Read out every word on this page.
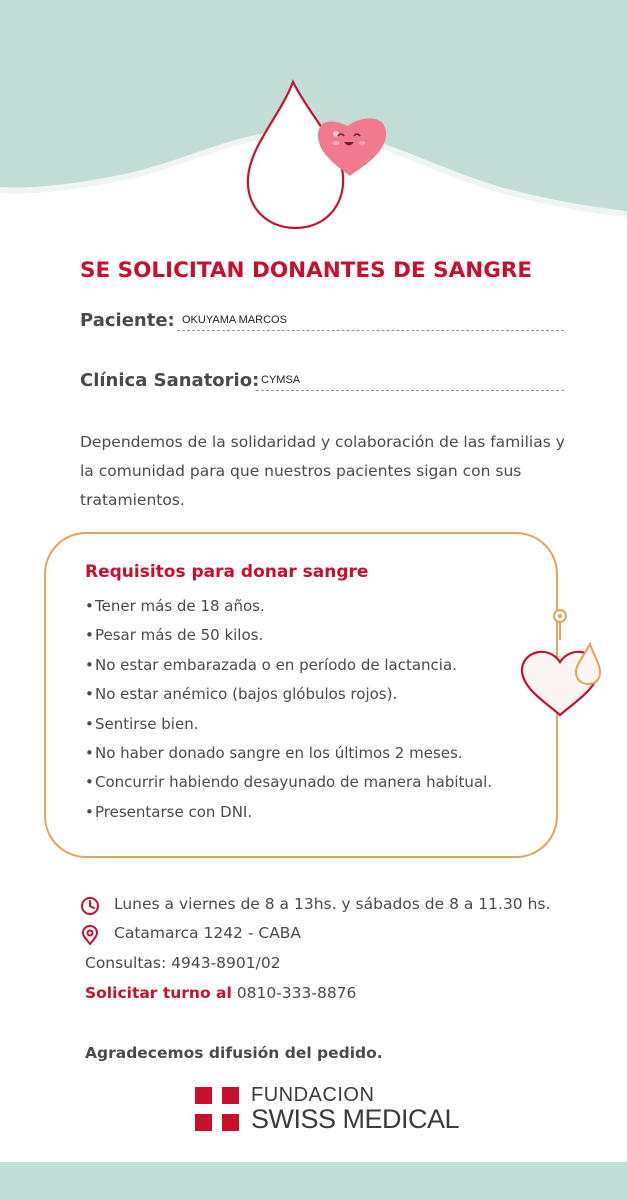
SE SOLICITAN DONANTES DE SANGRE
Paciente: OKUYAMA MARCOS
Clínica Sanatorio: CYMSA
Dependemos de la solidaridad y colaboración de las familias y la comunidad para que nuestros pacientes sigan con sus tratamientos.
Requisitos para donar sangre
•Tener más de 18 años.
•Pesar más de 50 kilos.
•No estar embarazada o en período de lactancia.
•No estar anémico (bajos glóbulos rojos).
•Sentirse bien.
•No haber donado sangre en los últimos 2 meses.
•Concurrir habiendo desayunado de manera habitual.
•Presentarse con DNI.
Lunes a viernes de 8 a 13hs. y sábados de 8 a 11.30 hs.
Catamarca 1242 - CABA
Consultas: 4943-8901/02
Solicitar turno al 0810-333-8876
Agradecemos difusión del pedido.
FUNDACION
SWISS MEDICAL
